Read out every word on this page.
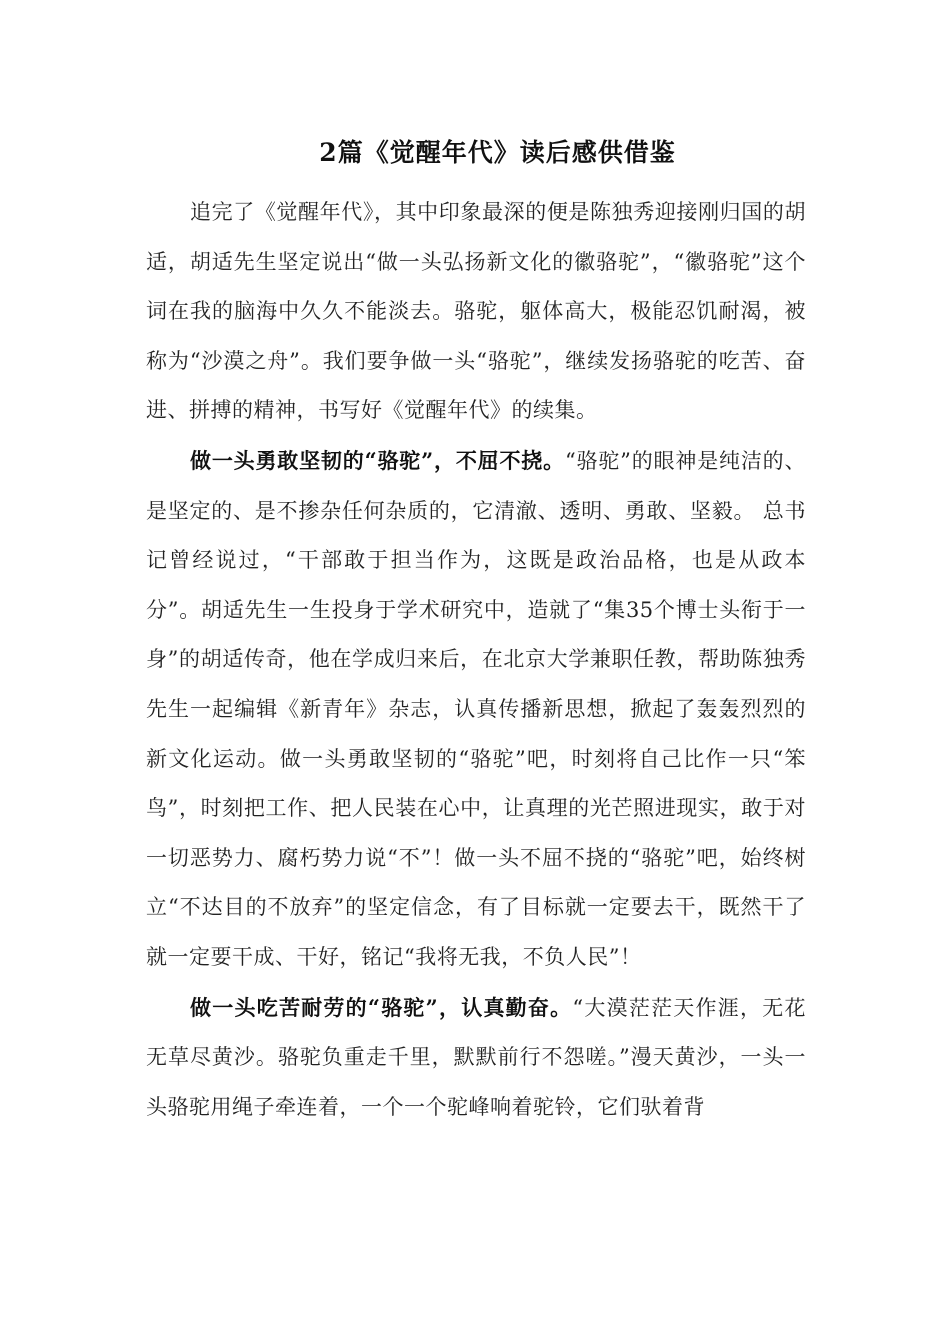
2篇《觉醒年代》读后感供借鉴

追完了《觉醒年代》，其中印象最深的便是陈独秀迎接刚归国的胡适，胡适先生坚定说出“做一头弘扬新文化的徽骆驼”，“徽骆驼”这个词在我的脑海中久久不能淡去。骆驼，躯体高大，极能忍饥耐渴，被称为“沙漠之舟”。我们要争做一头“骆驼”，继续发扬骆驼的吃苦、奋进、拼搏的精神，书写好《觉醒年代》的续集。

做一头勇敢坚韧的“骆驼”，不屈不挠。“骆驼”的眼神是纯洁的、是坚定的、是不掺杂任何杂质的，它清澈、透明、勇敢、坚毅。 总书记曾经说过，“干部敢于担当作为，这既是政治品格，也是从政本分”。胡适先生一生投身于学术研究中，造就了“集35个博士头衔于一身”的胡适传奇，他在学成归来后，在北京大学兼职任教，帮助陈独秀先生一起编辑《新青年》杂志，认真传播新思想，掀起了轰轰烈烈的新文化运动。做一头勇敢坚韧的“骆驼”吧，时刻将自己比作一只“笨鸟”，时刻把工作、把人民装在心中，让真理的光芒照进现实，敢于对一切恶势力、腐朽势力说“不”！做一头不屈不挠的“骆驼”吧，始终树立“不达目的不放弃”的坚定信念，有了目标就一定要去干，既然干了就一定要干成、干好，铭记“我将无我，不负人民”！

做一头吃苦耐劳的“骆驼”，认真勤奋。“大漠茫茫天作涯，无花无草尽黄沙。骆驼负重走千里，默默前行不怨嗟。”漫天黄沙，一头一头骆驼用绳子牵连着，一个一个驼峰响着驼铃，它们驮着背
